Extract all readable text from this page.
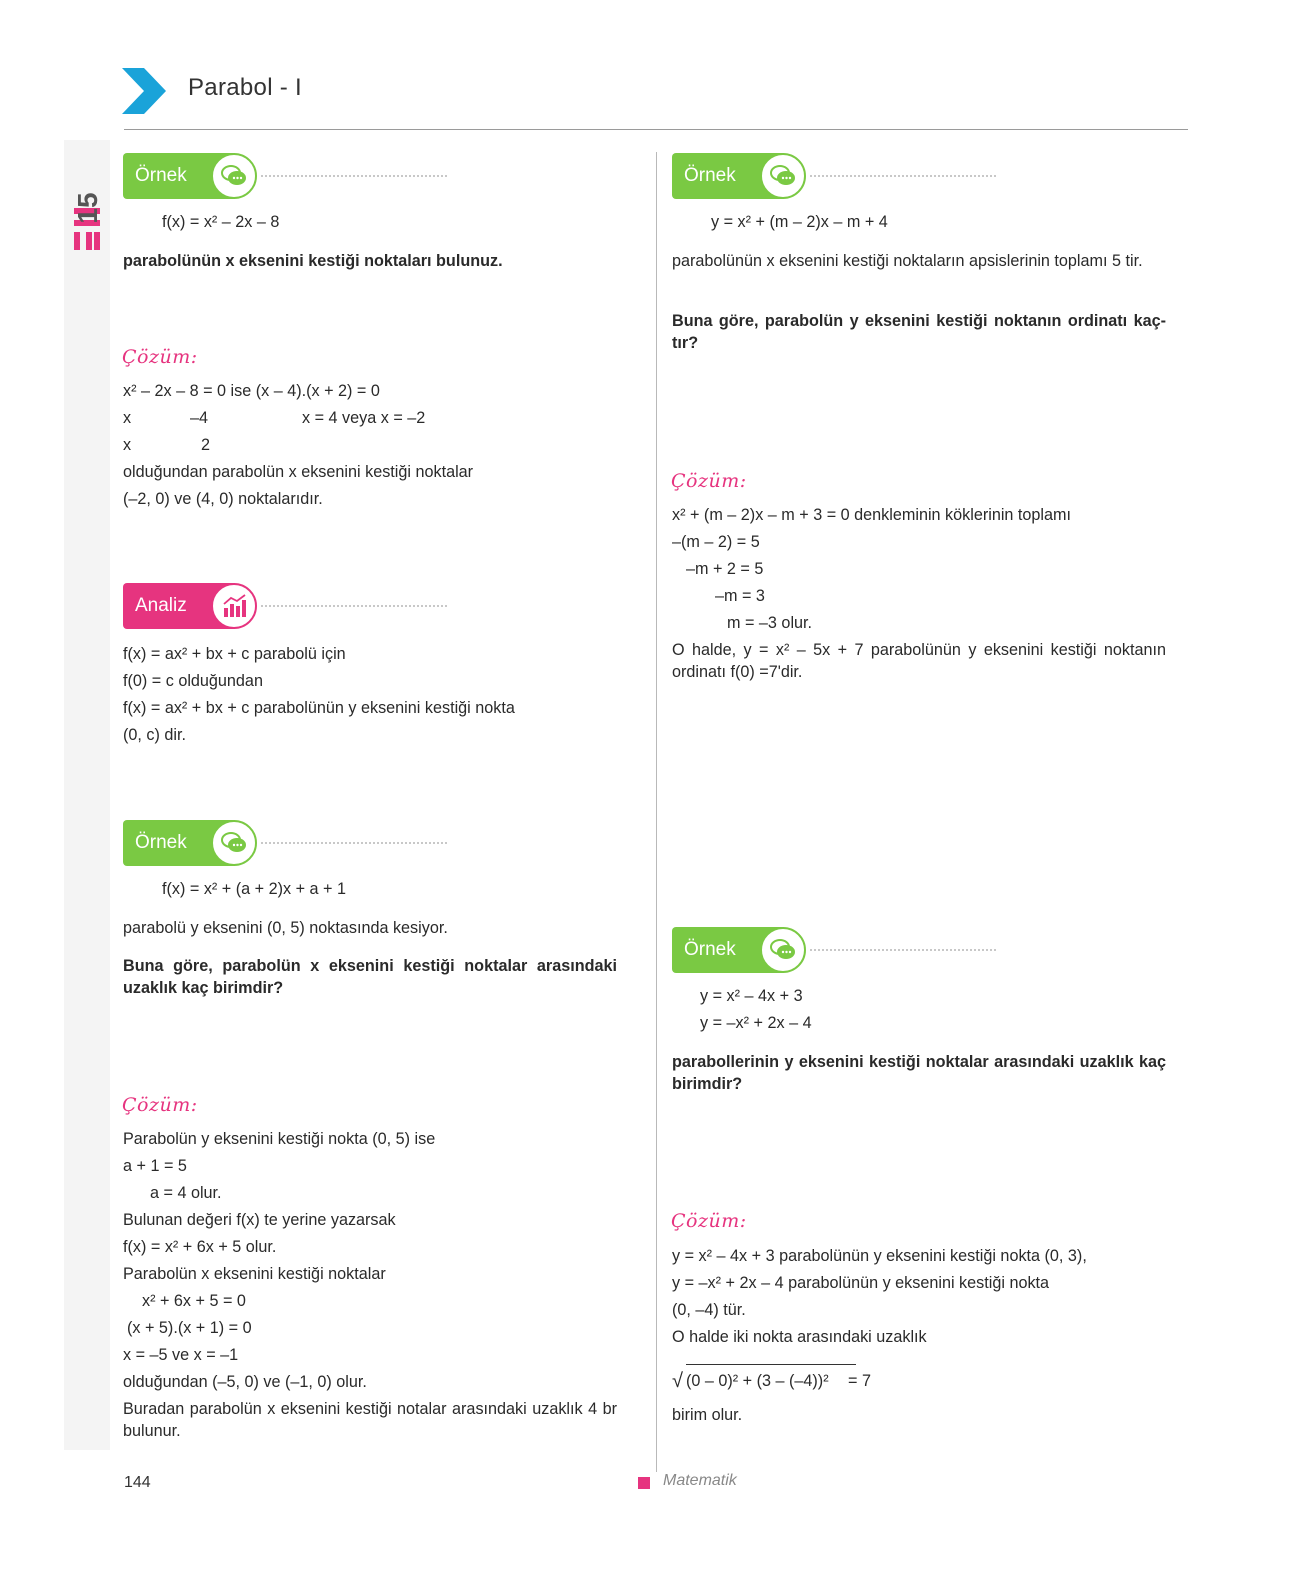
15
Parabol - I
Örnek
f(x) = x² – 2x – 8
parabolünün x eksenini kestiği noktaları bulunuz.
Çözüm:
x² – 2x – 8 = 0 ise (x – 4).(x + 2) = 0
x	–4	x = 4 veya x = –2
x	2
olduğundan parabolün x eksenini kestiği noktalar
(–2, 0) ve (4, 0) noktalarıdır.
Analiz
f(x) = ax² + bx + c parabolü için
f(0) = c olduğundan
f(x) = ax² + bx + c parabolünün y eksenini kestiği nokta
(0, c) dir.
Örnek
f(x) = x² + (a + 2)x + a + 1
parabolü y eksenini (0, 5) noktasında kesiyor.
Buna göre, parabolün x eksenini kestiği noktalar arasındaki uzaklık kaç birimdir?
Çözüm:
Parabolün y eksenini kestiği nokta (0, 5) ise
a + 1 = 5
a = 4 olur.
Bulunan değeri f(x) te yerine yazarsak
f(x) = x² + 6x + 5 olur.
Parabolün x eksenini kestiği noktalar
x² + 6x + 5 = 0
(x + 5).(x + 1) = 0
x = –5 ve x = –1
olduğundan (–5, 0) ve (–1, 0) olur.
Buradan parabolün x eksenini kestiği notalar arasındaki uzaklık 4 br bulunur.
Örnek
y = x² + (m – 2)x – m + 4
parabolünün x eksenini kestiği noktaların apsislerinin toplamı 5 tir.
Buna göre, parabolün y eksenini kestiği noktanın ordinatı kaç-tır?
Çözüm:
x² + (m – 2)x – m + 3 = 0 denkleminin köklerinin toplamı
–(m – 2) = 5
–m + 2 = 5
–m = 3
m = –3 olur.
O halde, y = x² – 5x + 7 parabolünün y eksenini kestiği noktanın ordinatı f(0) =7'dir.
Örnek
y = x² – 4x + 3
y = –x² + 2x – 4
parabollerinin y eksenini kestiği noktalar arasındaki uzaklık kaç birimdir?
Çözüm:
y = x² – 4x + 3 parabolünün y eksenini kestiği nokta (0, 3),
y = –x² + 2x – 4 parabolünün y eksenini kestiği nokta
(0, –4) tür.
O halde iki nokta arasındaki uzaklık
√ (0 – 0)² + (3 – (–4))² = 7
birim olur.
144	Matematik
